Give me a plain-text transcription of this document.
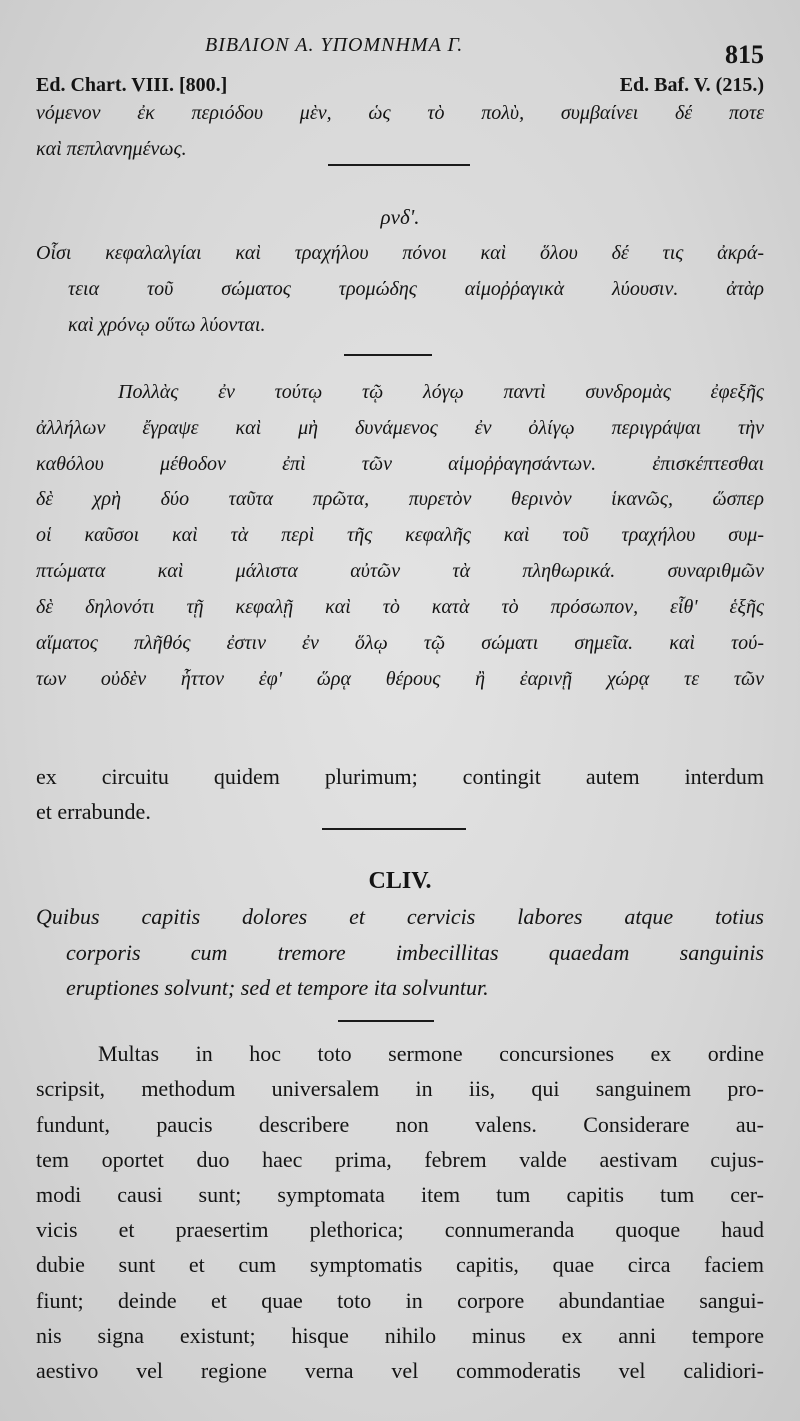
ΒΙΒΛΙΟΝ Α. ΥΠΟΜΝΗΜΑ Γ.	815
Ed. Chart. VIII. [800.]	Ed. Baf. V. (215.)
νόμενον ἐκ περιόδου μὲν, ὡς τὸ πολὺ, συμβαίνει δέ ποτε
καὶ πεπλανημένως.
ρνδ'.
Οἷσι κεφαλαλγίαι καὶ τραχήλου πόνοι καὶ ὅλου δέ τις ἀκρά-
τεια τοῦ σώματος τρομώδης αἱμοῤῥαγικὰ λύουσιν. ἀτὰρ
καὶ χρόνῳ οὕτω λύονται.
Πολλὰς ἐν τούτῳ τῷ λόγῳ παντὶ συνδρομὰς ἐφεξῆς
ἀλλήλων ἔγραψε καὶ μὴ δυνάμενος ἐν ὀλίγῳ περιγράψαι τὴν
καθόλου μέθοδον ἐπὶ τῶν αἱμοῤῥαγησάντων. ἐπισκέπτεσθαι
δὲ χρὴ δύο ταῦτα πρῶτα, πυρετὸν θερινὸν ἱκανῶς, ὥσπερ
οἱ καῦσοι καὶ τὰ περὶ τῆς κεφαλῆς καὶ τοῦ τραχήλου συμ-
πτώματα καὶ μάλιστα αὐτῶν τὰ πληθωρικά. συναριθμῶν
δὲ δηλονότι τῇ κεφαλῇ καὶ τὸ κατὰ τὸ πρόσωπον, εἶθ' ἑξῆς
αἵματος πλῆθός ἐστιν ἐν ὅλῳ τῷ σώματι σημεῖα. καὶ τού-
των οὐδὲν ἧττον ἐφ' ὥρᾳ θέρους ἢ ἐαρινῇ χώρᾳ τε τῶν
ex circuitu quidem plurimum; contingit autem interdum
et errabunde.
CLIV.
Quibus capitis dolores et cervicis labores atque totius
corporis cum tremore imbecillitas quaedam sanguinis
eruptiones solvunt; sed et tempore ita solvuntur.
Multas in hoc toto sermone concursiones ex ordine
scripsit, methodum universalem in iis, qui sanguinem pro-
fundunt, paucis describere non valens. Considerare au-
tem oportet duo haec prima, febrem valde aestivam cujus-
modi causi sunt; symptomata item tum capitis tum cer-
vicis et praesertim plethorica; connumeranda quoque haud
dubie sunt et cum symptomatis capitis, quae circa faciem
fiunt; deinde et quae toto in corpore abundantiae sangui-
nis signa existunt; hisque nihilo minus ex anni tempore
aestivo vel regione verna vel commoderatis vel calidiori-
